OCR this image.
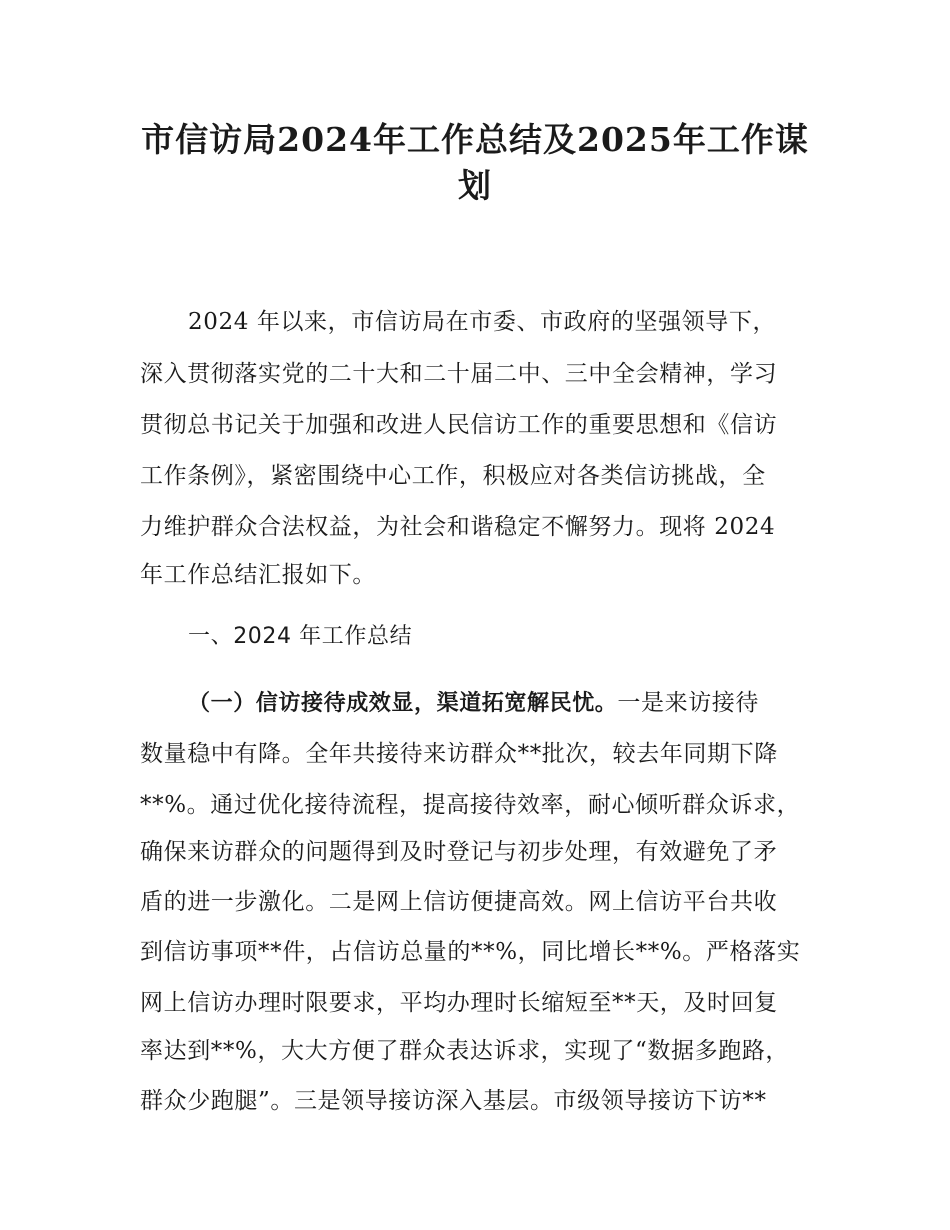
市信访局2024年工作总结及2025年工作谋
划

2024 年以来，市信访局在市委、市政府的坚强领导下，

深入贯彻落实党的二十大和二十届二中、三中全会精神，学习

贯彻总书记关于加强和改进人民信访工作的重要思想和《信访

工作条例》，紧密围绕中心工作，积极应对各类信访挑战，全

力维护群众合法权益，为社会和谐稳定不懈努力。现将 2024

年工作总结汇报如下。

一、2024 年工作总结

（一）信访接待成效显，渠道拓宽解民忧。一是来访接待

数量稳中有降。全年共接待来访群众**批次，较去年同期下降

**%。通过优化接待流程，提高接待效率，耐心倾听群众诉求，

确保来访群众的问题得到及时登记与初步处理，有效避免了矛

盾的进一步激化。二是网上信访便捷高效。网上信访平台共收

到信访事项**件，占信访总量的**%，同比增长**%。严格落实

网上信访办理时限要求，平均办理时长缩短至**天，及时回复

率达到**%，大大方便了群众表达诉求，实现了“数据多跑路，

群众少跑腿”。三是领导接访深入基层。市级领导接访下访**
